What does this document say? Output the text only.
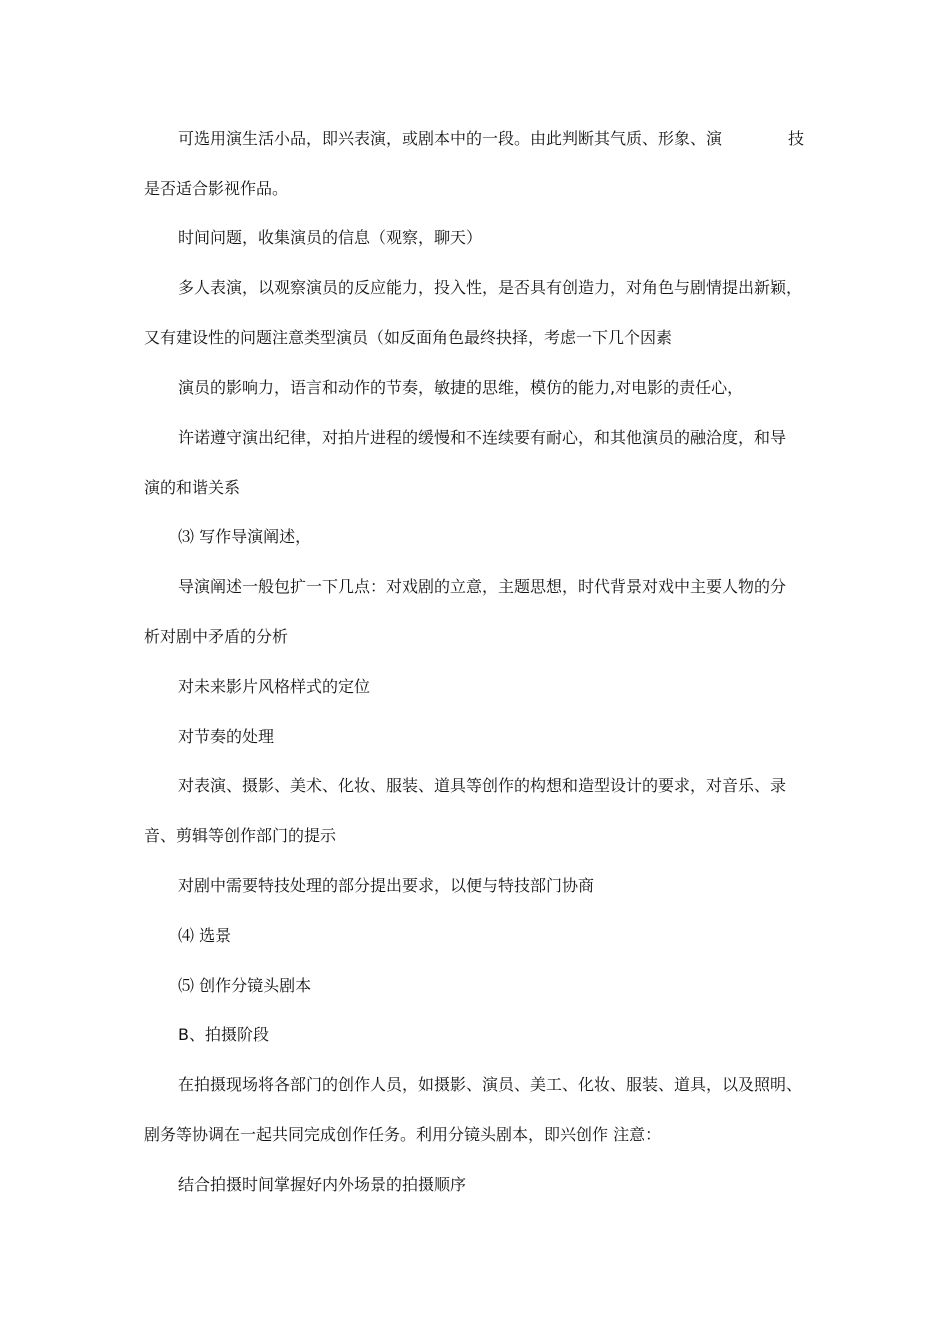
可选用演生活小品，即兴表演，或剧本中的一段。由此判断其气质、形象、演	技
是否适合影视作品。
时间问题，收集演员的信息（观察，聊天）
多人表演，以观察演员的反应能力，投入性，是否具有创造力，对角色与剧情提出新颖，
又有建设性的问题注意类型演员（如反面角色最终抉择，考虑一下几个因素
演员的影响力，语言和动作的节奏，敏捷的思维，模仿的能力,对电影的责任心，
许诺遵守演出纪律，对拍片进程的缓慢和不连续要有耐心，和其他演员的融洽度，和导
演的和谐关系
⑶ 写作导演阐述，
导演阐述一般包扩一下几点：对戏剧的立意，主题思想，时代背景对戏中主要人物的分
析对剧中矛盾的分析
对未来影片风格样式的定位
对节奏的处理
对表演、摄影、美术、化妆、服装、道具等创作的构想和造型设计的要求，对音乐、录
音、剪辑等创作部门的提示
对剧中需要特技处理的部分提出要求，以便与特技部门协商
⑷ 选景
⑸ 创作分镜头剧本
B、拍摄阶段
在拍摄现场将各部门的创作人员，如摄影、演员、美工、化妆、服装、道具，以及照明、
剧务等协调在一起共同完成创作任务。利用分镜头剧本，即兴创作 注意：
结合拍摄时间掌握好内外场景的拍摄顺序
